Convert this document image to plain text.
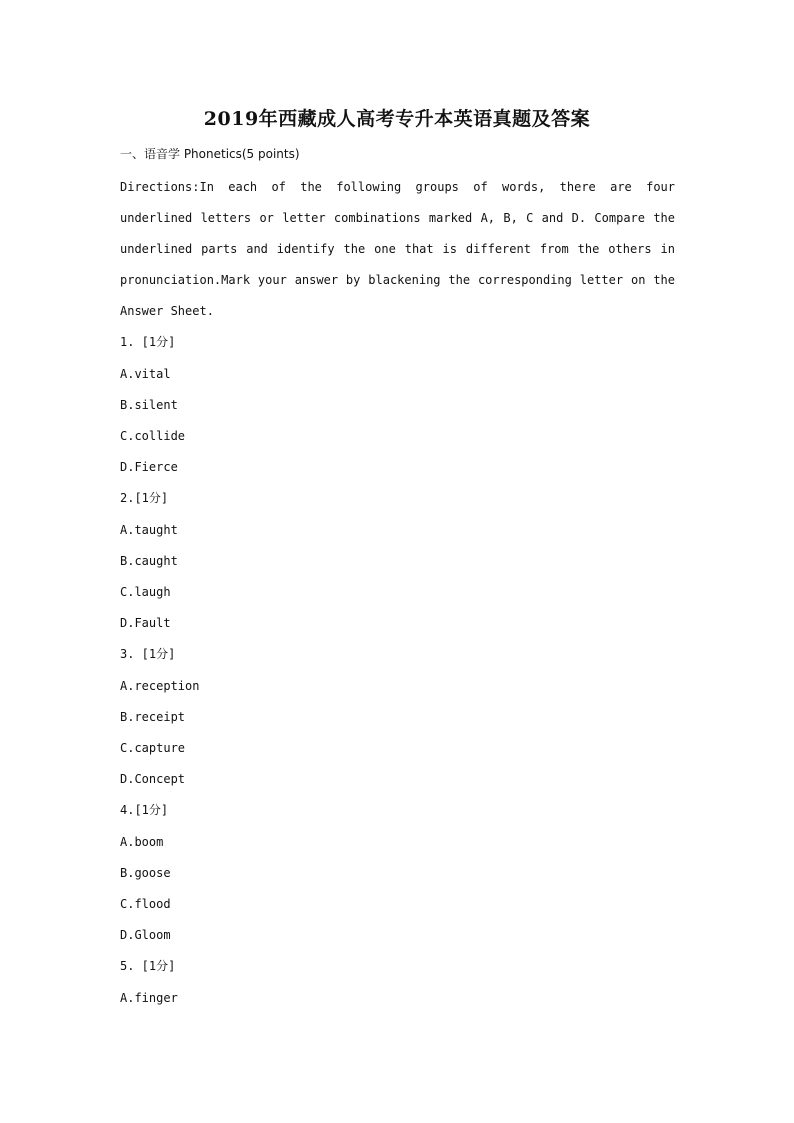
2019年西藏成人高考专升本英语真题及答案
一、语音学 Phonetics(5 points)
Directions:In each of the following groups of words, there are four underlined letters or letter combinations marked A, B, C and D. Compare the underlined parts and identify the one that is different from the others in pronunciation.Mark your answer by blackening the corresponding letter on the Answer Sheet.
1. [1分]
A.vital
B.silent
C.collide
D.Fierce
2.[1分]
A.taught
B.caught
C.laugh
D.Fault
3. [1分]
A.reception
B.receipt
C.capture
D.Concept
4.[1分]
A.boom
B.goose
C.flood
D.Gloom
5. [1分]
A.finger
